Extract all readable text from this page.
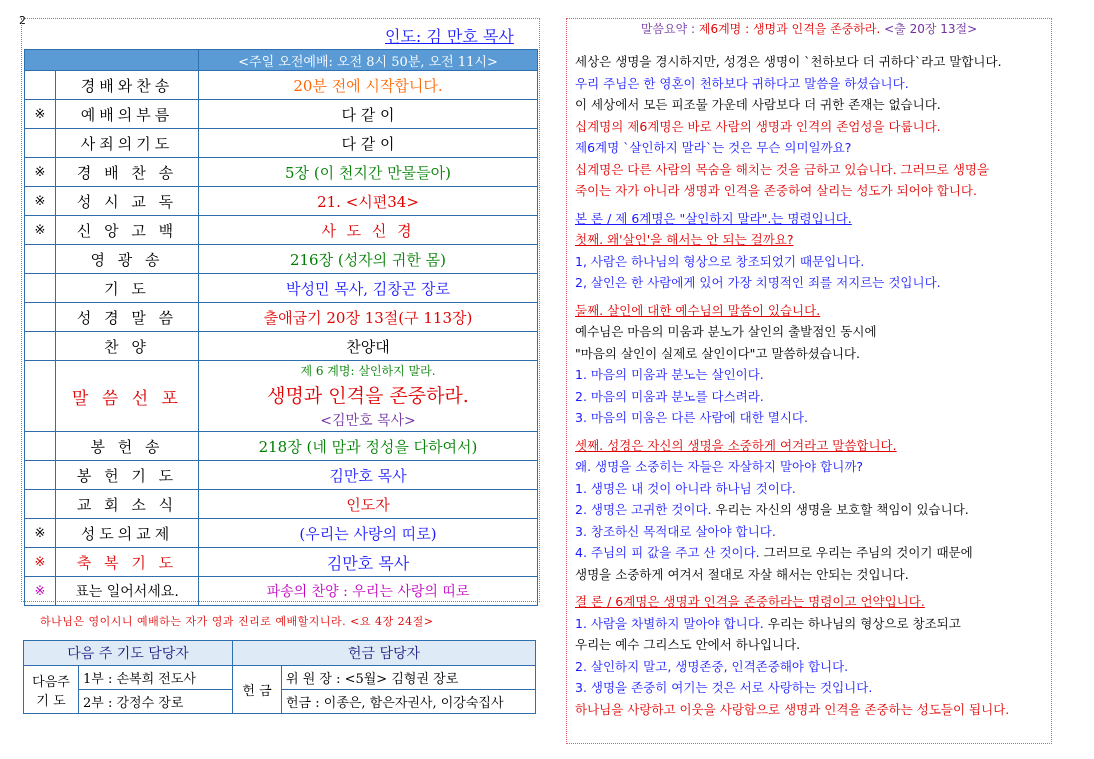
2
인도: 김 만호 목사
		<주일 오전예배: 오전 8시 50분, 오전 11시>
	경배와찬송	20분 전에 시작합니다.
※	예배의부름	다 같 이
	사죄의기도	다 같 이
※	경 배 찬 송	5장 (이 천지간 만물들아)
※	성 시 교 독	21. <시편34>
※	신 앙 고 백	사 도 신 경
	영 광 송	216장 (성자의 귀한 몸)
	기 도	박성민 목사, 김창곤 장로
	성 경 말 씀	출애굽기 20장 13절(구 113장)
	찬 양	찬양대
	말 씀 선 포	제 6 계명: 살인하지 말라.
생명과 인격을 존중하라.
<김만호 목사>

	봉 헌 송	218장 (네 맘과 정성을 다하여서)
	봉 헌 기 도	김만호 목사
	교 회 소 식	인도자
※	성도의교제	(우리는 사랑의 띠로)
※	축 복 기 도	김만호 목사
※	표는 일어서세요.	파송의 찬양 : 우리는 사랑의 띠로
하나님은 영이시니 예배하는 자가 영과 진리로 예배할지니라. <요 4장 24절>
다음 주 기도 담당자		헌금 담당자	
다음주 기 도	1부 : 손복희 전도사	헌 금	위 원 장 : <5월> 김형권 장로
	2부 : 강정수 장로		헌금 : 이종은, 함은자권사, 이강숙집사
말씀요약 : 제6계명 : 생명과 인격을 존중하라. <출 20장 13절>
세상은 생명을 경시하지만, 성경은 생명이 `천하보다 더 귀하다`라고 말합니다.
우리 주님은 한 영혼이 천하보다 귀하다고 말씀을 하셨습니다.
이 세상에서 모든 피조물 가운데 사람보다 더 귀한 존재는 없습니다.
십계명의 제6계명은 바로 사람의 생명과 인격의 존엄성을 다룹니다.
제6계명 `살인하지 말라`는 것은 무슨 의미일까요?
십계명은 다른 사람의 목숨을 해치는 것을 금하고 있습니다. 그러므로 생명을
죽이는 자가 아니라 생명과 인격을 존중하여 살리는 성도가 되어야 합니다.
본 론 / 제 6계명은 "살인하지 말라".는 명령입니다.
첫째. 왜'살인'을 해서는 안 되는 걸까요?
1, 사람은 하나님의 형상으로 창조되었기 때문입니다.
2, 살인은 한 사람에게 있어 가장 치명적인 죄를 저지르는 것입니다.
둘째. 살인에 대한 예수님의 말씀이 있습니다.
예수님은 마음의 미움과 분노가 살인의 출발점인 동시에
"마음의 살인이 실제로 살인이다"고 말씀하셨습니다.
1. 마음의 미움과 분노는 살인이다.
2. 마음의 미움과 분노를 다스려라.
3. 마음의 미움은 다른 사람에 대한 멸시다.
셋째. 성경은 자신의 생명을 소중하게 여겨라고 말씀합니다.
왜. 생명을 소중히는 자들은 자살하지 말아야 합니까?
1. 생명은 내 것이 아니라 하나님 것이다.
2. 생명은 고귀한 것이다. 우리는 자신의 생명을 보호할 책임이 있습니다.
3. 창조하신 목적대로 살아야 합니다.
4. 주님의 피 값을 주고 산 것이다. 그러므로 우리는 주님의 것이기 때문에
생명을 소중하게 여겨서 절대로 자살 해서는 안되는 것입니다.
결 론 / 6계명은 생명과 인격을 존중하라는 명령이고 언약입니다.
1. 사람을 차별하지 말아야 합니다. 우리는 하나님의 형상으로 창조되고
우리는 예수 그리스도 안에서 하나입니다.
2. 살인하지 말고, 생명존중, 인격존중해야 합니다.
3. 생명을 존중히 여기는 것은 서로 사랑하는 것입니다.
하나님을 사랑하고 이웃을 사랑함으로 생명과 인격을 존중하는 성도들이 됩니다.
